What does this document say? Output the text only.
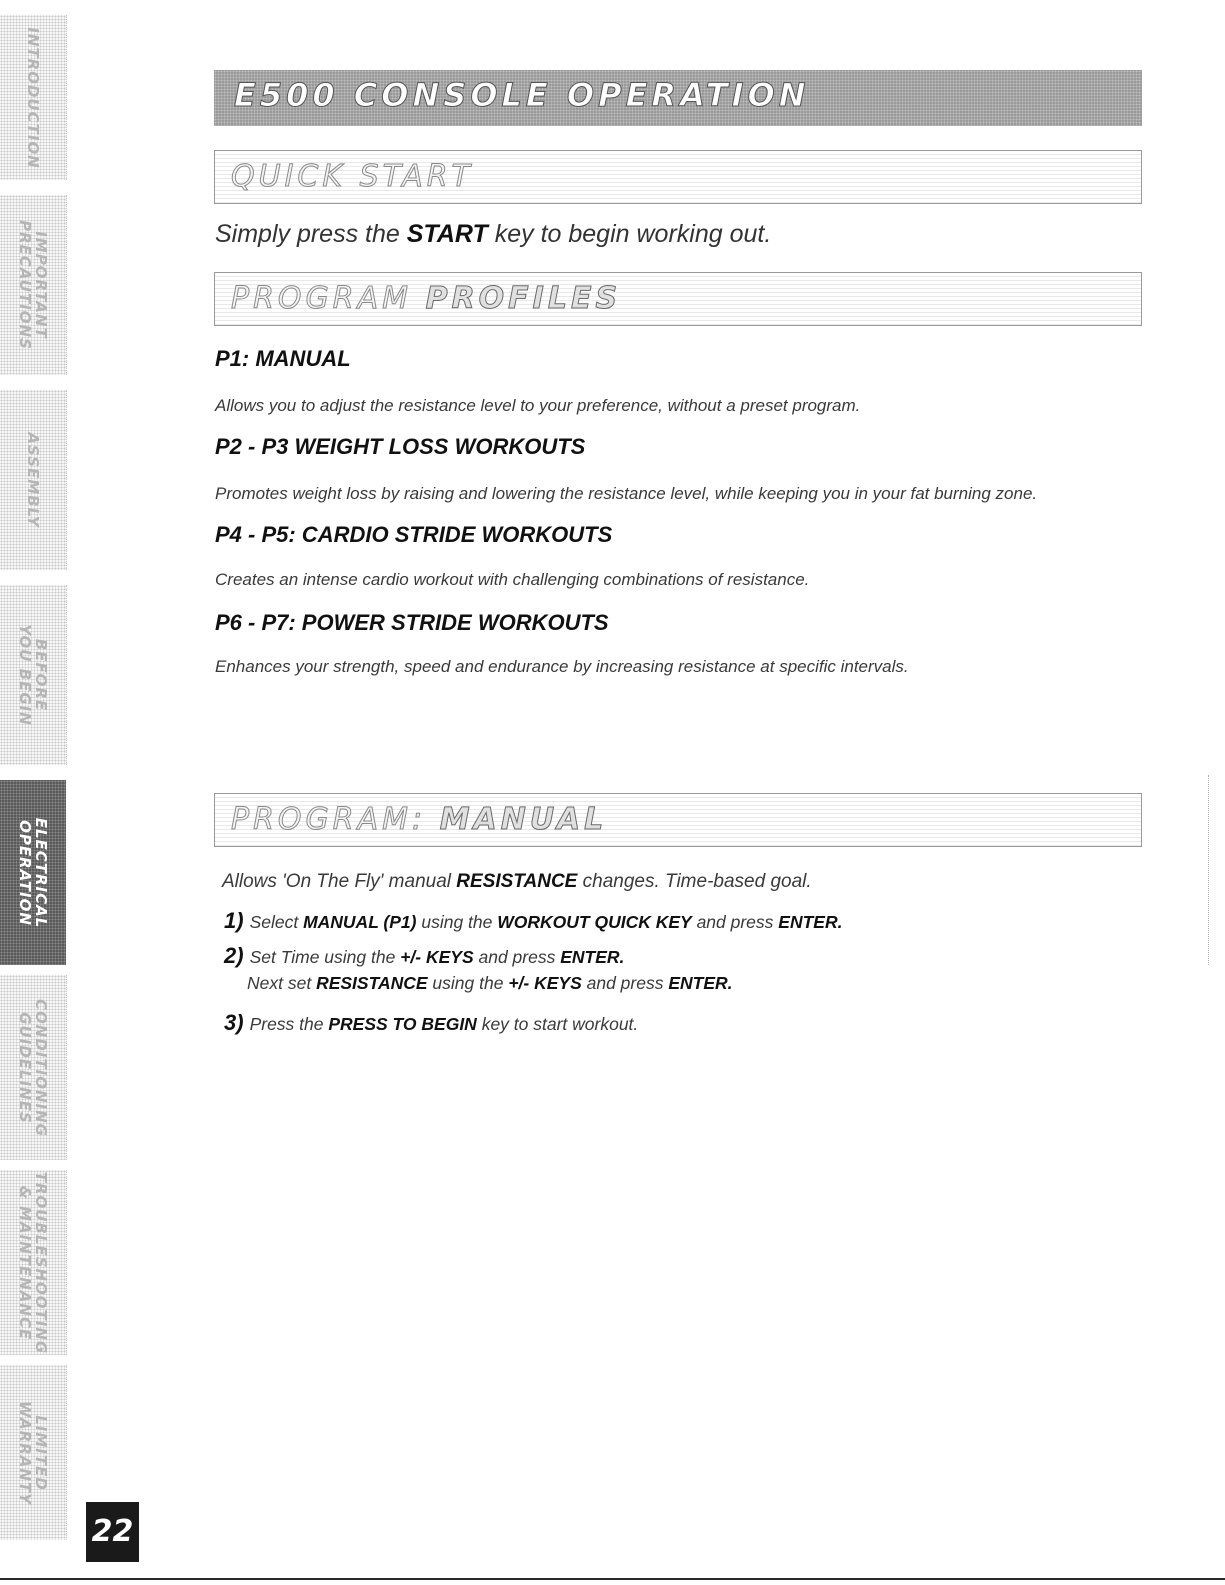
INTRODUCTION
IMPORTANT
PRECAUTIONS
ASSEMBLY
BEFORE
YOU BEGIN
ELECTRICAL
OPERATION
CONDITIONING
GUIDELINES
TROUBLESHOOTING
& MAINTENANCE
LIMITED
WARRANTY
22
E500 CONSOLE OPERATION
QUICK START
Simply press the START key to begin working out.
PROGRAM PROFILES
P1: MANUAL
Allows you to adjust the resistance level to your preference, without a preset program.
P2 - P3 WEIGHT LOSS WORKOUTS
Promotes weight loss by raising and lowering the resistance level, while keeping you in your fat burning zone.
P4 - P5: CARDIO STRIDE WORKOUTS
Creates an intense cardio workout with challenging combinations of resistance.
P6 - P7: POWER STRIDE WORKOUTS
Enhances your strength, speed and endurance by increasing resistance at specific intervals.
PROGRAM: MANUAL
Allows 'On The Fly' manual RESISTANCE changes. Time-based goal.
1) Select MANUAL (P1) using the WORKOUT QUICK KEY and press ENTER.
2) Set Time using the +/- KEYS and press ENTER.
Next set RESISTANCE using the +/- KEYS and press ENTER.
3) Press the PRESS TO BEGIN key to start workout.
